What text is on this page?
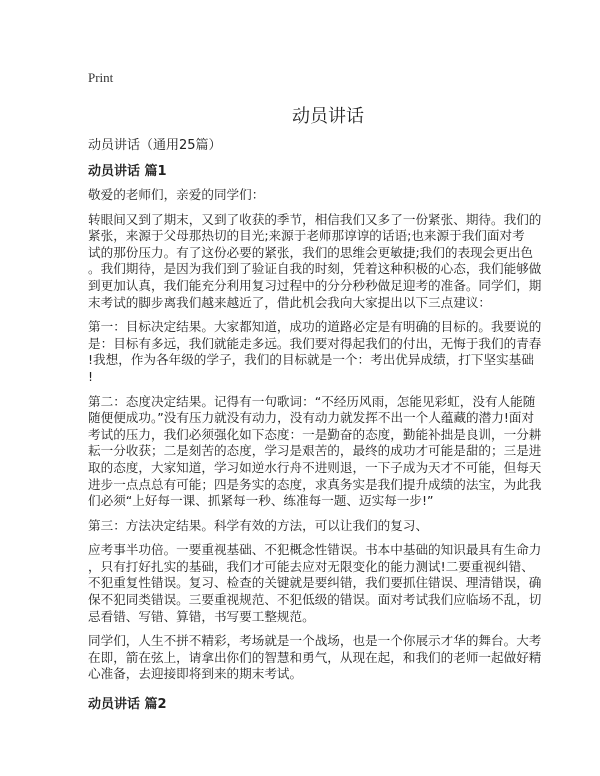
Print
动员讲话
动员讲话（通用25篇）
动员讲话 篇1
敬爱的老师们，亲爱的同学们：
转眼间又到了期末，又到了收获的季节，相信我们又多了一份紧张、期待。我们的
紧张，来源于父母那热切的目光;来源于老师那谆谆的话语;也来源于我们面对考
试的那份压力。有了这份必要的紧张，我们的思维会更敏捷;我们的表现会更出色
。我们期待，是因为我们到了验证自我的时刻，凭着这种积极的心态，我们能够做
到更加认真，我们能充分利用复习过程中的分分秒秒做足迎考的准备。同学们，期
末考试的脚步离我们越来越近了，借此机会我向大家提出以下三点建议：
第一：目标决定结果。大家都知道，成功的道路必定是有明确的目标的。我要说的
是：目标有多远，我们就能走多远。我们要对得起我们的付出，无悔于我们的青春
!我想，作为各年级的学子，我们的目标就是一个：考出优异成绩，打下坚实基础
!
第二：态度决定结果。记得有一句歌词：“不经历风雨，怎能见彩虹，没有人能随
随便便成功。”没有压力就没有动力，没有动力就发挥不出一个人蕴藏的潜力!面对
考试的压力，我们必须强化如下态度：一是勤奋的态度，勤能补拙是良训，一分耕
耘一分收获；二是刻苦的态度，学习是艰苦的，最终的成功才可能是甜的；三是进
取的态度，大家知道，学习如逆水行舟不进则退，一下子成为天才不可能，但每天
进步一点点总有可能；四是务实的态度，求真务实是我们提升成绩的法宝，为此我
们必须“上好每一课、抓紧每一秒、练准每一题、迈实每一步!”
第三：方法决定结果。科学有效的方法，可以让我们的复习、
应考事半功倍。一要重视基础、不犯概念性错误。书本中基础的知识最具有生命力
，只有打好扎实的基础，我们才可能去应对无限变化的能力测试!二要重视纠错、
不犯重复性错误。复习、检查的关键就是要纠错，我们要抓住错误、理清错误，确
保不犯同类错误。三要重视规范、不犯低级的错误。面对考试我们应临场不乱，切
忌看错、写错、算错，书写要工整规范。
同学们，人生不拼不精彩，考场就是一个战场，也是一个你展示才华的舞台。大考
在即，箭在弦上，请拿出你们的智慧和勇气，从现在起，和我们的老师一起做好精
心准备，去迎接即将到来的期末考试。
动员讲话 篇2
